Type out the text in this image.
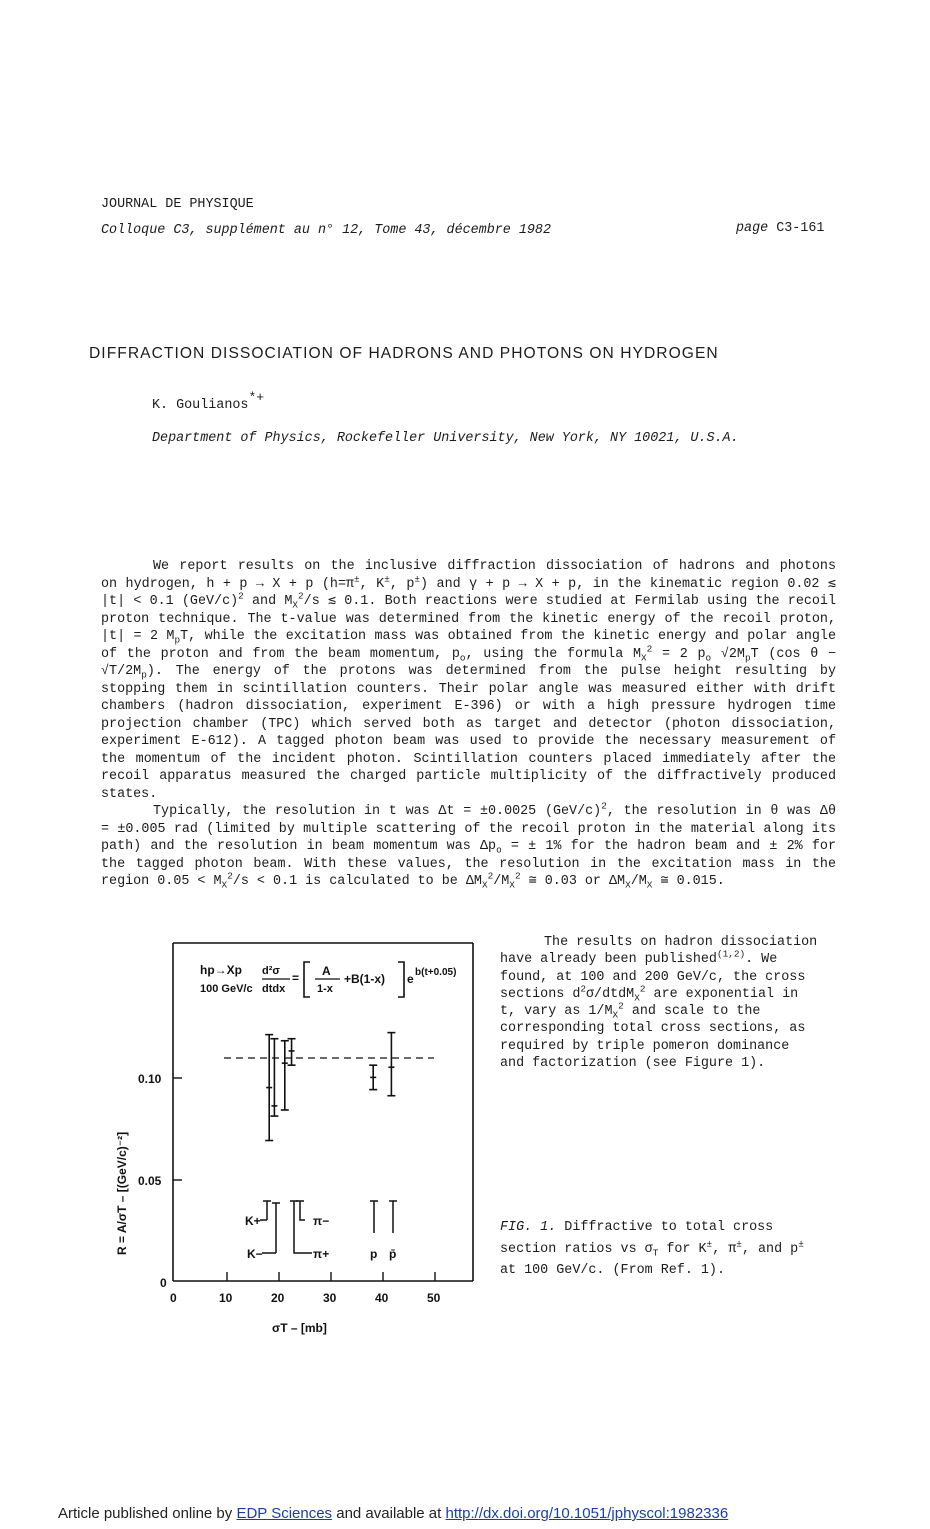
JOURNAL DE PHYSIQUE
Colloque C3, supplément au n° 12, Tome 43, décembre 1982	page C3-161
DIFFRACTION DISSOCIATION OF HADRONS AND PHOTONS ON HYDROGEN
K. Goulianos*+
Department of Physics, Rockefeller University, New York, NY 10021, U.S.A.

We report results on the inclusive diffraction dissociation of hadrons and photons on hydrogen, h + p → X + p (h=π±, K±, p±) and γ + p → X + p, in the kinematic region 0.02 ≲ |t| < 0.1 $(GeV/c)^2$ and $M_X^2/s$ ≲ 0.1. Both reactions were studied at Fermilab using the recoil proton technique. The t-value was determined from the kinetic energy of the recoil proton, |t| = 2 $M_pT$, while the excitation mass was obtained from the kinetic energy and polar angle of the proton and from the beam momentum, $p_o$, using the formula $M_X^2 = 2$ $p_o$ $√2M_pT$ (cos $\theta - √T/2M_p$). The energy of the protons was determined from the pulse height resulting by stopping them in scintillation counters. Their polar angle was measured either with drift chambers (hadron dissociation, experiment E-396) or with a high pressure hydrogen time projection chamber (TPC) which served both as target and detector (photon dissociation, experiment E-612). A tagged photon beam was used to provide the necessary measurement of the momentum of the incident photon. Scintillation counters placed immediately after the recoil apparatus measured the charged particle multiplicity of the diffractively produced states.

Typically, the resolution in t was Δt = ±0.0025 $(GeV/c)^2$, the resolution in θ was Δθ = ±0.005 rad (limited by multiple scattering of the recoil proton in the material along its path) and the resolution in beam momentum was $\Delta p_o$ = ± 1% for the hadron beam and ± 2% for the tagged photon beam. With these values, the resolution in the excitation mass in the region $0.05 < M_X^2/s < 0.1$ is calculated to be $\Delta M_X^2/M_X^2$ ≅ 0.03 or $\Delta M_X/M_X$ ≅ 0.015.

The results on hadron dissociation have already been published$^{(1,2)}$. We found, at 100 and 200 GeV/c, the cross sections $d^2\sigma/dtdM_X^2$ are exponential in t, vary as $1/M_X^2$ and scale to the corresponding total cross sections, as required by triple pomeron dominance and factorization (see Figure 1).

FIG. 1. Diffractive to total cross section ratios vs $\sigma_T$ for K±, π±, and p± at 100 GeV/c. (From Ref. 1).
hp→Xp
100 GeV/c
d²σ
dtdx
= A
1-x
+B(1-x) e b(t+0.05)
0.10
0.05
0
0	10	20	30	40	50
σT – [mb]
R = A/σT – [(GeV/c)⁻²]	K+	π−
K−	π+	p p̄
Article published online by EDP Sciences and available at http://dx.doi.org/10.1051/jphyscol:1982336
